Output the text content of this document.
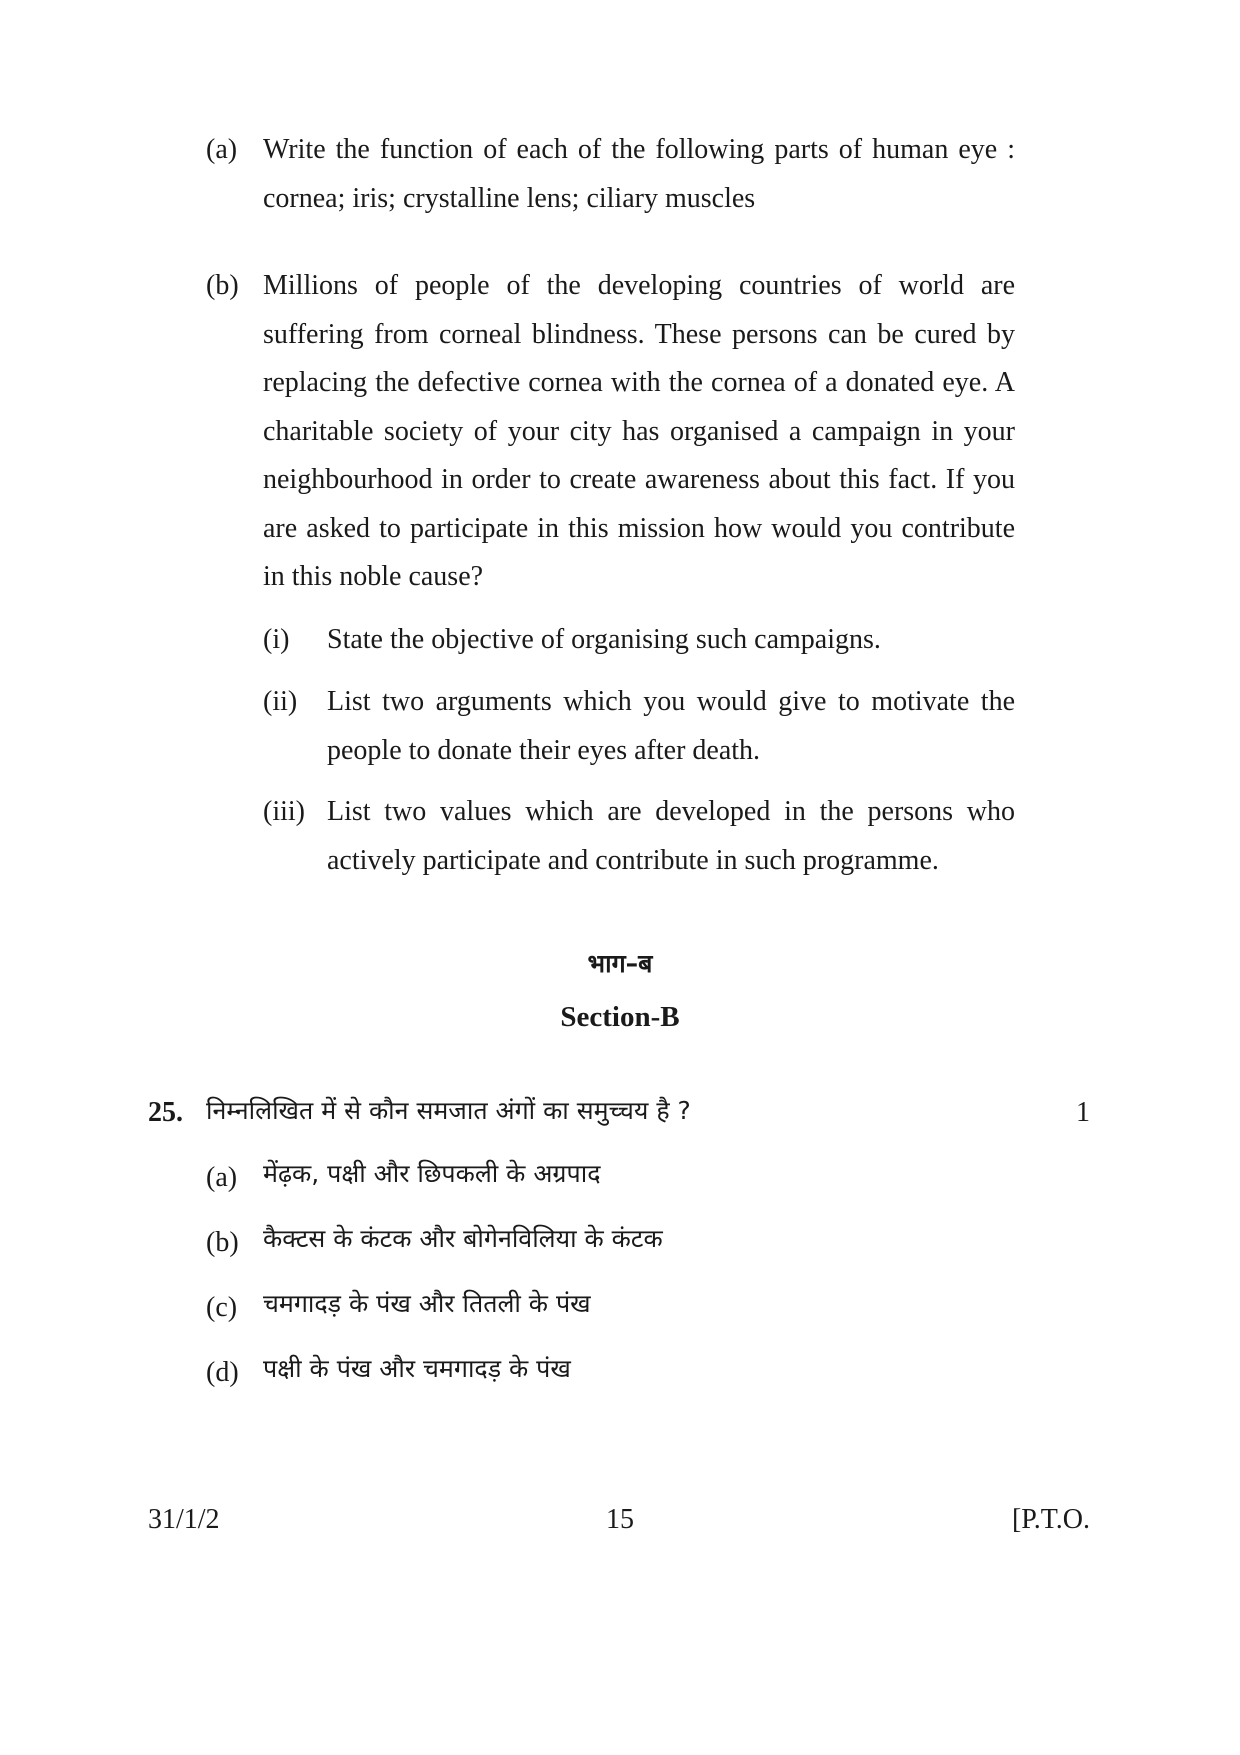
(a) Write the function of each of the following parts of human eye : cornea; iris; crystalline lens; ciliary muscles
(b) Millions of people of the developing countries of world are suffering from corneal blindness. These persons can be cured by replacing the defective cornea with the cornea of a donated eye. A charitable society of your city has organised a campaign in your neighbourhood in order to create awareness about this fact. If you are asked to participate in this mission how would you contribute in this noble cause?
(i) State the objective of organising such campaigns.
(ii) List two arguments which you would give to motivate the people to donate their eyes after death.
(iii) List two values which are developed in the persons who actively participate and contribute in such programme.
भाग–ब
Section-B
25. निम्नलिखित में से कौन समजात अंगों का समुच्चय है ?	1
(a) मेंढ़क, पक्षी और छिपकली के अग्रपाद
(b) कैक्टस के कंटक और बोगेनविलिया के कंटक
(c) चमगादड़ के पंख और तितली के पंख
(d) पक्षी के पंख और चमगादड़ के पंख
31/1/2	15	[P.T.O.
